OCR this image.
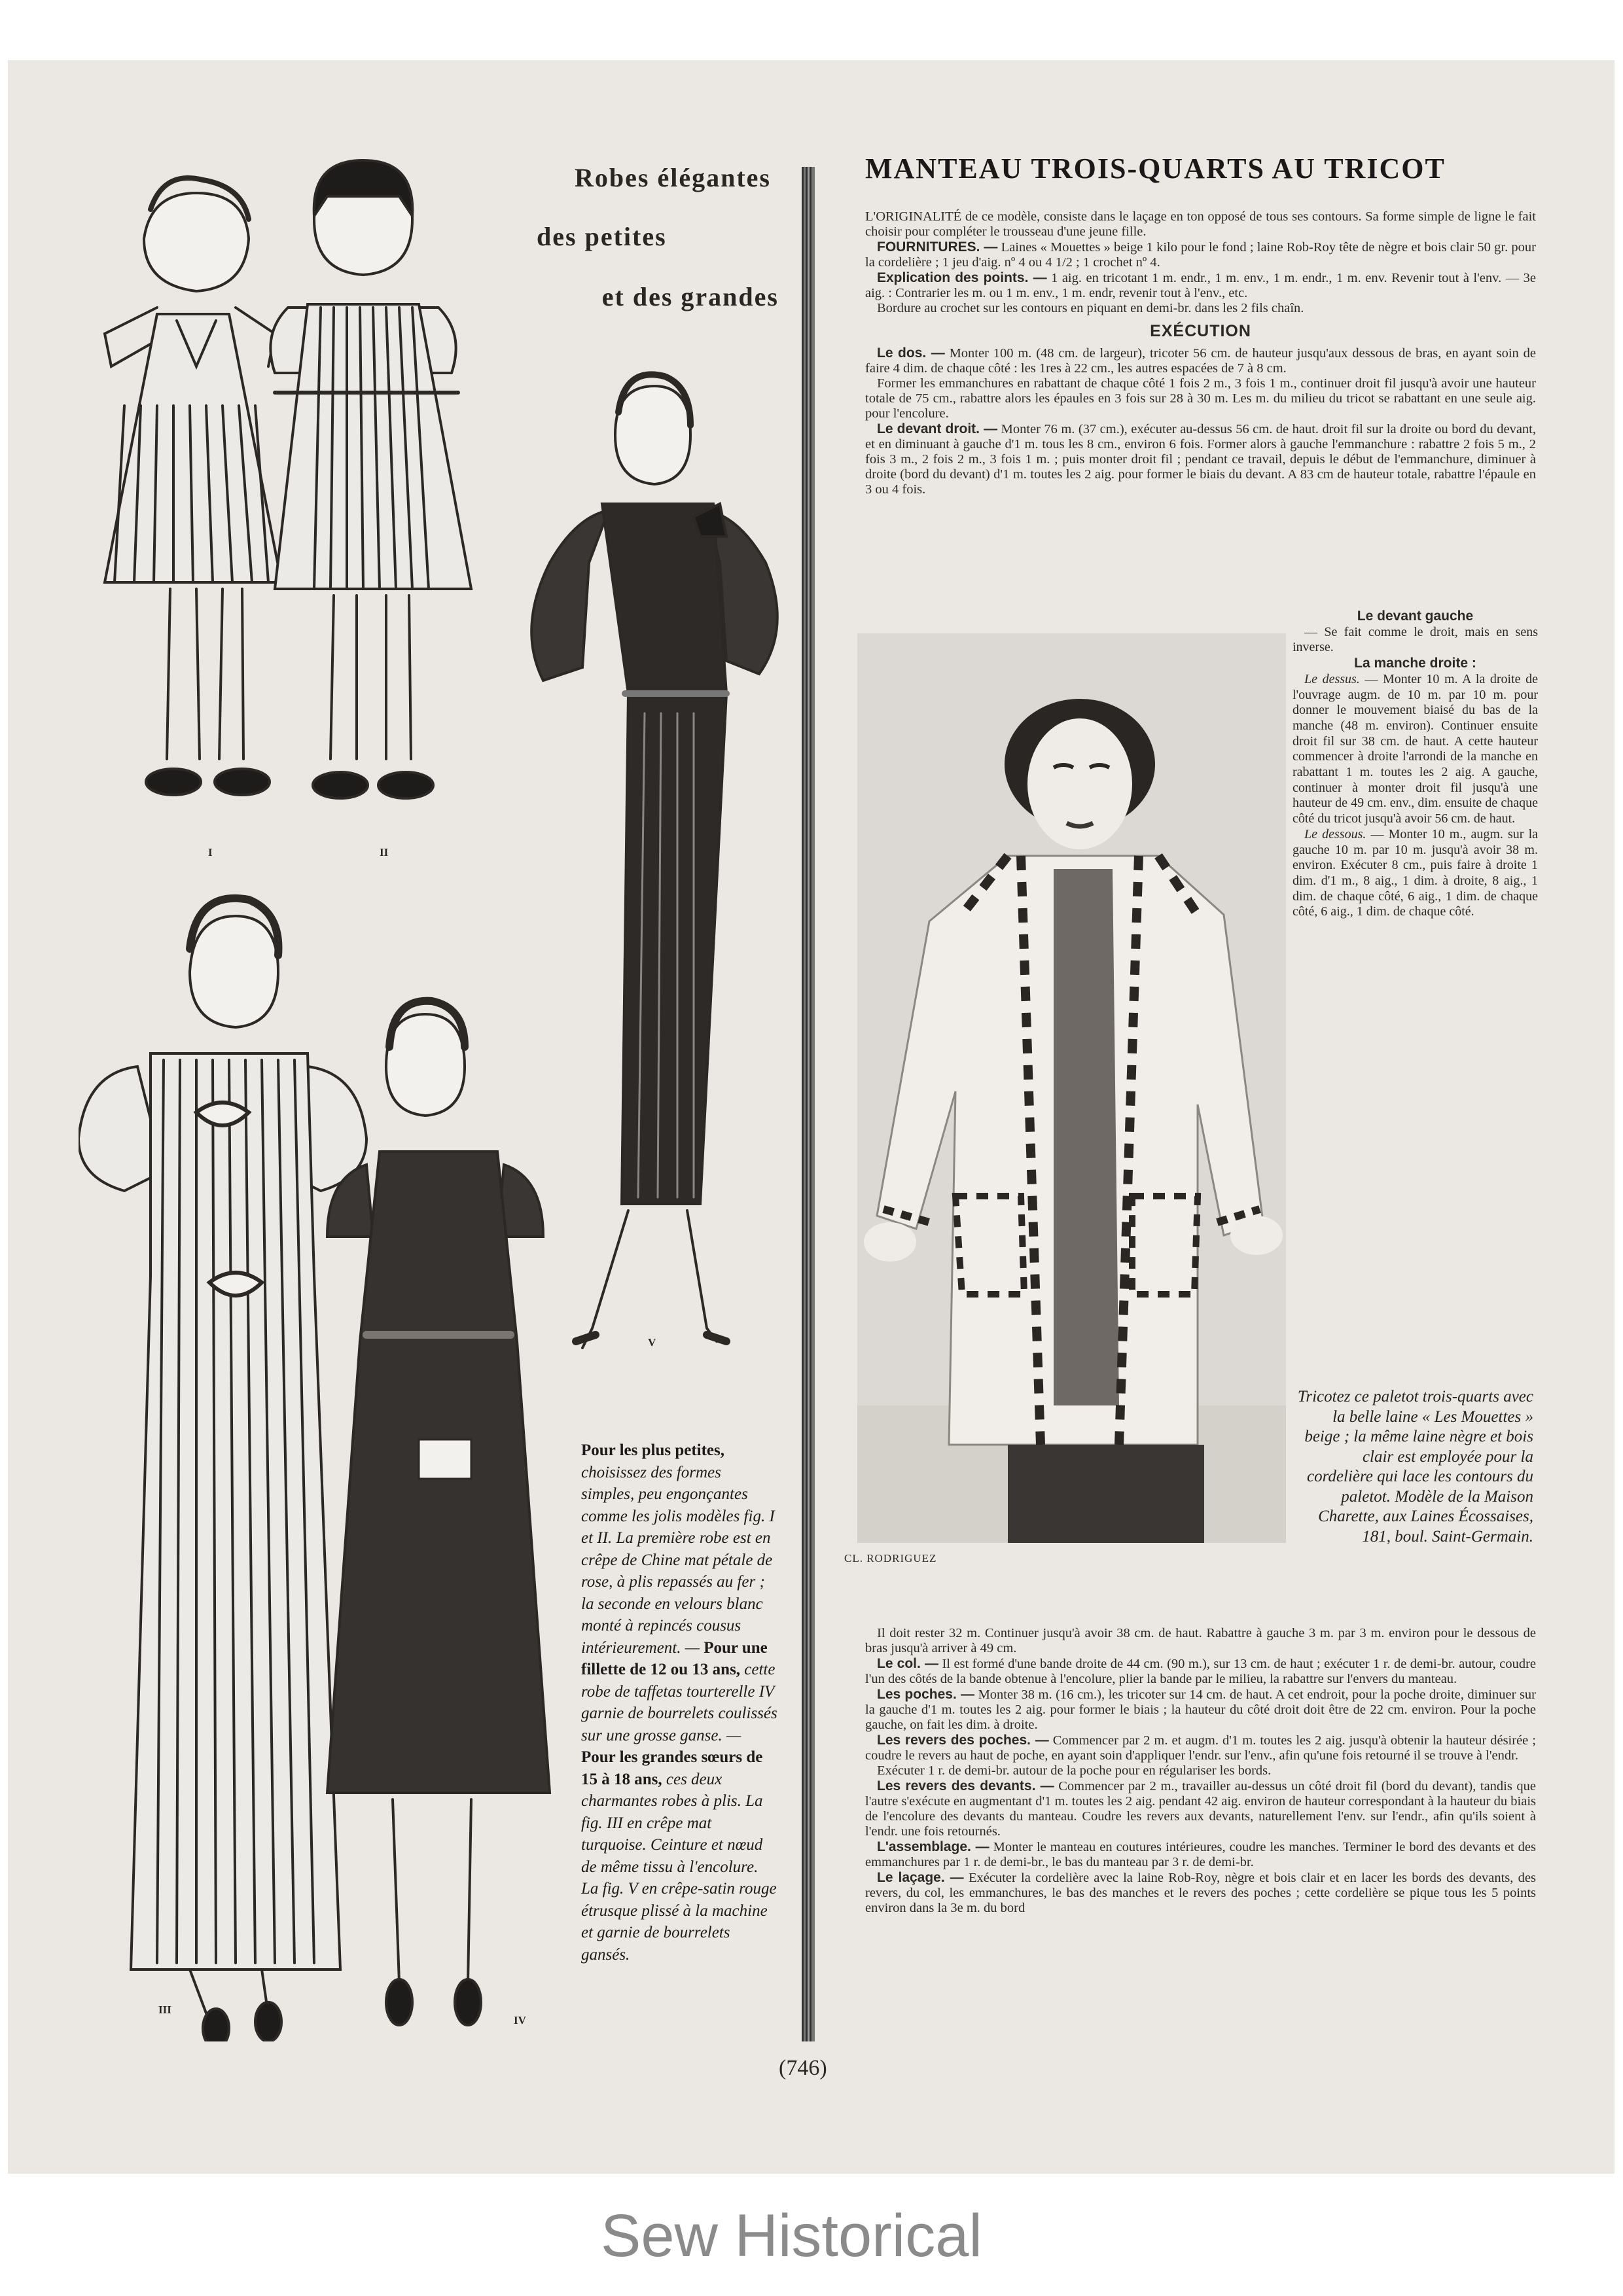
Robes élégantes
des petites
et des grandes
I	II
III
IV
V
Pour les plus petites, choisissez des formes simples, peu engonçantes comme les jolis modèles fig. I et II. La première robe est en crêpe de Chine mat pétale de rose, à plis repassés au fer ; la seconde en velours blanc monté à repincés cousus intérieurement. — Pour une fillette de 12 ou 13 ans, cette robe de taffetas tourterelle IV garnie de bourrelets coulissés sur une grosse ganse. — Pour les grandes sœurs de 15 à 18 ans, ces deux charmantes robes à plis. La fig. III en crêpe mat turquoise. Ceinture et nœud de même tissu à l'encolure. La fig. V en crêpe-satin rouge étrusque plissé à la machine et garnie de bourrelets gansés.
MANTEAU TROIS-QUARTS AU TRICOT

L'ORIGINALITÉ de ce modèle, consiste dans le laçage en ton opposé de tous ses contours. Sa forme simple de ligne le fait choisir pour compléter le trousseau d'une jeune fille.

FOURNITURES. — Laines « Mouettes » beige 1 kilo pour le fond ; laine Rob-Roy tête de nègre et bois clair 50 gr. pour la cordelière ; 1 jeu d'aig. nº 4 ou 4 1/2 ; 1 crochet nº 4.

Explication des points. — 1 aig. en tricotant 1 m. endr., 1 m. env., 1 m. endr., 1 m. env. Revenir tout à l'env. — 3e aig. : Contrarier les m. ou 1 m. env., 1 m. endr, revenir tout à l'env., etc.

Bordure au crochet sur les contours en piquant en demi-br. dans les 2 fils chaîn.

EXÉCUTION

Le dos. — Monter 100 m. (48 cm. de largeur), tricoter 56 cm. de hauteur jusqu'aux dessous de bras, en ayant soin de faire 4 dim. de chaque côté : les 1res à 22 cm., les autres espacées de 7 à 8 cm.

Former les emmanchures en rabattant de chaque côté 1 fois 2 m., 3 fois 1 m., continuer droit fil jusqu'à avoir une hauteur totale de 75 cm., rabattre alors les épaules en 3 fois sur 28 à 30 m. Les m. du milieu du tricot se rabattant en une seule aig. pour l'encolure.

Le devant droit. — Monter 76 m. (37 cm.), exécuter au-dessus 56 cm. de haut. droit fil sur la droite ou bord du devant, et en diminuant à gauche d'1 m. tous les 8 cm., environ 6 fois. Former alors à gauche l'emmanchure : rabattre 2 fois 5 m., 2 fois 3 m., 2 fois 2 m., 3 fois 1 m. ; puis monter droit fil ; pendant ce travail, depuis le début de l'emmanchure, diminuer à droite (bord du devant) d'1 m. toutes les 2 aig. pour former le biais du devant. A 83 cm de hauteur totale, rabattre l'épaule en 3 ou 4 fois.

Le devant gauche

— Se fait comme le droit, mais en sens inverse.

La manche droite :

Le dessus. — Monter 10 m. A la droite de l'ouvrage augm. de 10 m. par 10 m. pour donner le mouvement biaisé du bas de la manche (48 m. environ). Continuer ensuite droit fil sur 38 cm. de haut. A cette hauteur commencer à droite l'arrondi de la manche en rabattant 1 m. toutes les 2 aig. A gauche, continuer à monter droit fil jusqu'à une hauteur de 49 cm. env., dim. ensuite de chaque côté du tricot jusqu'à avoir 56 cm. de haut.

Le dessous. — Monter 10 m., augm. sur la gauche 10 m. par 10 m. jusqu'à avoir 38 m. environ. Exécuter 8 cm., puis faire à droite 1 dim. d'1 m., 8 aig., 1 dim. à droite, 8 aig., 1 dim. de chaque côté, 6 aig., 1 dim. de chaque côté, 6 aig., 1 dim. de chaque côté.

CL. RODRIGUEZ
Tricotez ce paletot trois-quarts avec la belle laine « Les Mouettes » beige ; la même laine nègre et bois clair est employée pour la cordelière qui lace les contours du paletot. Modèle de la Maison Charette, aux Laines Écossaises, 181, boul. Saint-Germain.

Il doit rester 32 m. Continuer jusqu'à avoir 38 cm. de haut. Rabattre à gauche 3 m. par 3 m. environ pour le dessous de bras jusqu'à arriver à 49 cm.

Le col. — Il est formé d'une bande droite de 44 cm. (90 m.), sur 13 cm. de haut ; exécuter 1 r. de demi-br. autour, coudre l'un des côtés de la bande obtenue à l'encolure, plier la bande par le milieu, la rabattre sur l'envers du manteau.

Les poches. — Monter 38 m. (16 cm.), les tricoter sur 14 cm. de haut. A cet endroit, pour la poche droite, diminuer sur la gauche d'1 m. toutes les 2 aig. pour former le biais ; la hauteur du côté droit doit être de 22 cm. environ. Pour la poche gauche, on fait les dim. à droite.

Les revers des poches. — Commencer par 2 m. et augm. d'1 m. toutes les 2 aig. jusqu'à obtenir la hauteur désirée ; coudre le revers au haut de poche, en ayant soin d'appliquer l'endr. sur l'env., afin qu'une fois retourné il se trouve à l'endr.

Exécuter 1 r. de demi-br. autour de la poche pour en régulariser les bords.

Les revers des devants. — Commencer par 2 m., travailler au-dessus un côté droit fil (bord du devant), tandis que l'autre s'exécute en augmentant d'1 m. toutes les 2 aig. pendant 42 aig. environ de hauteur correspondant à la hauteur du biais de l'encolure des devants du manteau. Coudre les revers aux devants, naturellement l'env. sur l'endr., afin qu'ils soient à l'endr. une fois retournés.

L'assemblage. — Monter le manteau en coutures intérieures, coudre les manches. Terminer le bord des devants et des emmanchures par 1 r. de demi-br., le bas du manteau par 3 r. de demi-br.

Le laçage. — Exécuter la cordelière avec la laine Rob-Roy, nègre et bois clair et en lacer les bords des devants, des revers, du col, les emmanchures, le bas des manches et le revers des poches ; cette cordelière se pique tous les 5 points environ dans la 3e m. du bord

(746)
Sew Historical
